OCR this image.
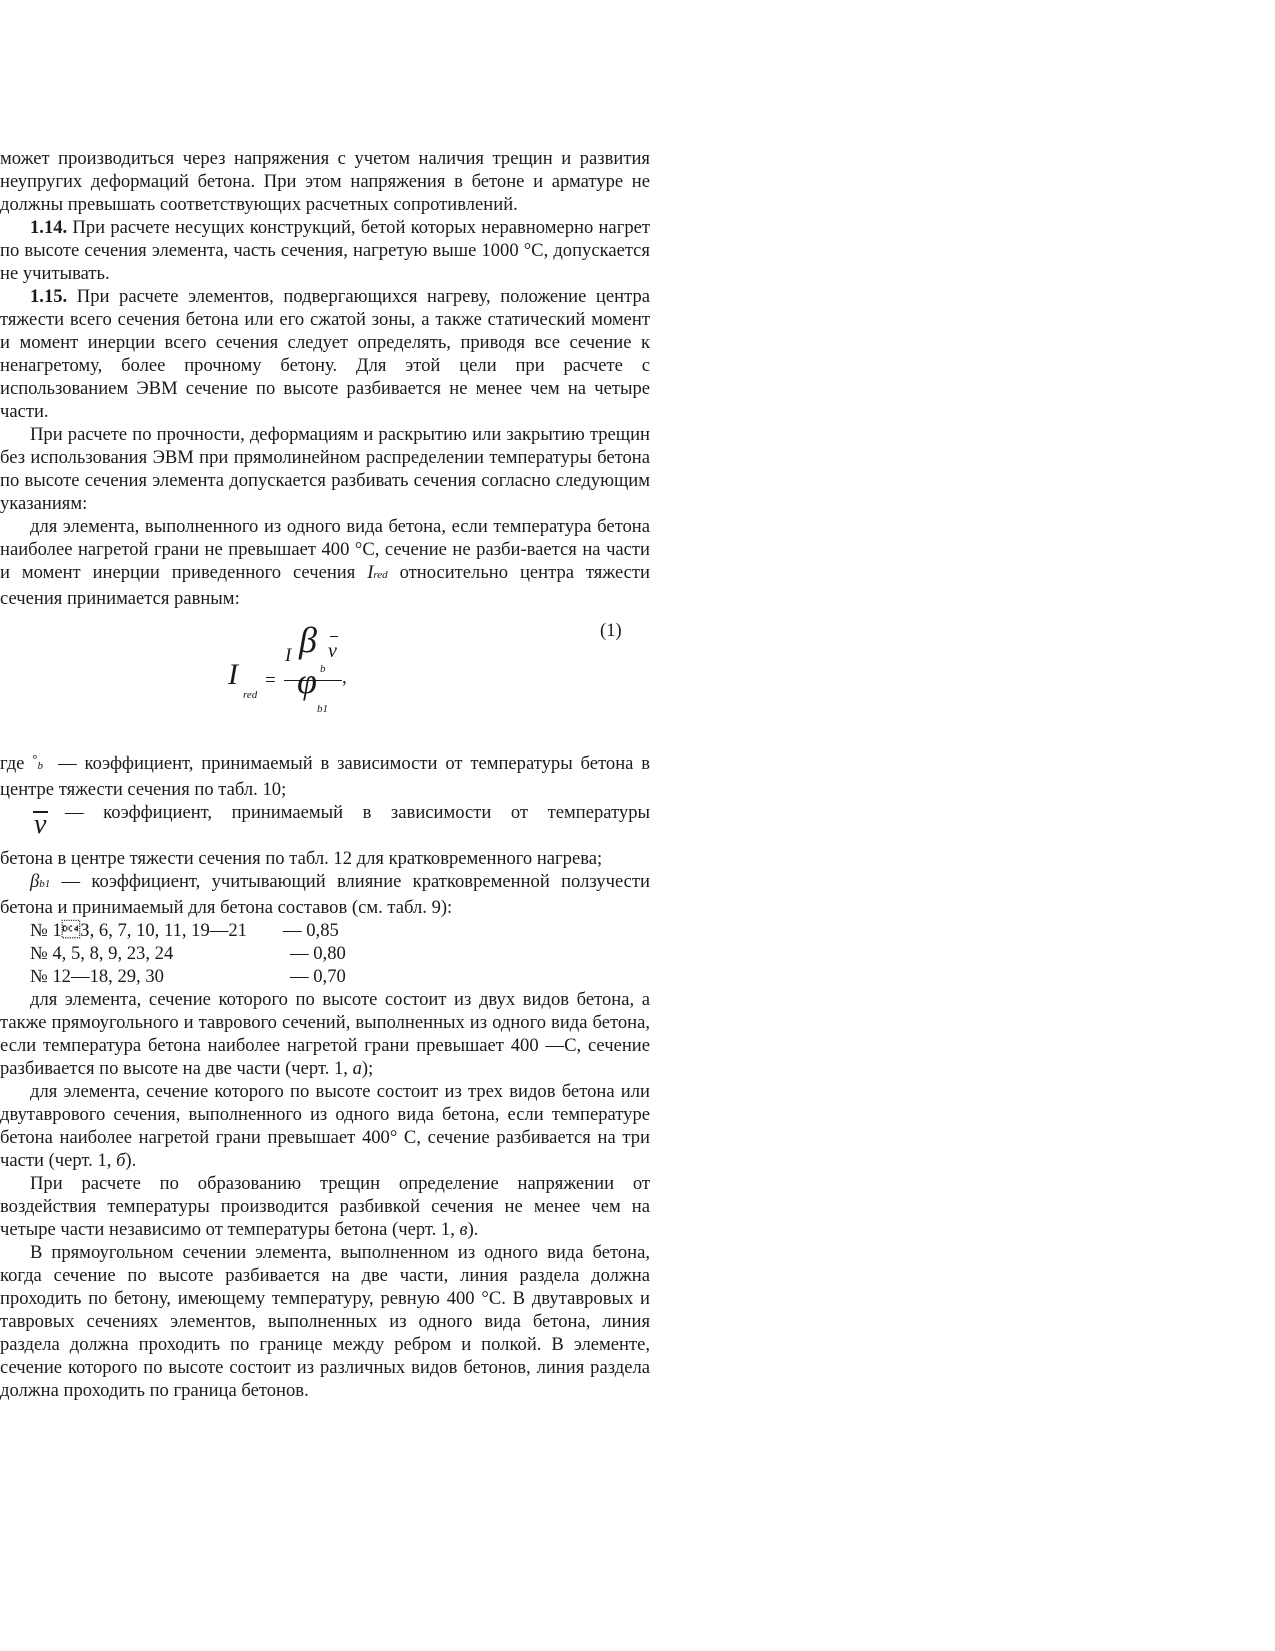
может производиться через напряжения с учетом наличия трещин и развития неупругих деформаций бетона. При этом напряжения в бетоне и арматуре не должны превышать соответствующих расчетных сопротивлений.

1.14. При расчете несущих конструкций, бетой которых неравномерно нагрет по высоте сечения элемента, часть сечения, нагретую выше 1000 °С, допускается не учитывать.

1.15. При расчете элементов, подвергающихся нагреву, положение центра тяжести всего сечения бетона или его сжатой зоны, а также статический момент и момент инерции всего сечения следует определять, приводя все сечение к ненагретому, более прочному бетону. Для этой цели при расчете с использованием ЭВМ сечение по высоте разбивается не менее чем на четыре части.

При расчете по прочности, деформациям и раскрытию или закрытию трещин без использования ЭВМ при прямолинейном распределении температуры бетона по высоте сечения элемента допускается разбивать сечения согласно следующим указаниям:

для элемента, выполненного из одного вида бетона, если температура бетона наиболее нагретой грани не превышает 400 °С, сечение не разби-вается на части и момент инерции приведенного сечения Ired относительно центра тяжести сечения принимается равным:

(1)
I
red
=
I β
b
v
,
φ
b1

где °b — коэффициент, принимаемый в зависимости от температуры бетона в центре тяжести сечения по табл. 10;

ν — коэффициент, принимаемый в зависимости от температуры

бетона в центре тяжести сечения по табл. 12 для кратковременного нагрева;

βb1 — коэффициент, учитывающий влияние кратковременной ползучести бетона и принимаемый для бетона составов (см. табл. 9):

№ 1З, 6, 7, 10, 11, 19—21 — 0,85
№ 4, 5, 8, 9, 23, 24	— 0,80
№ 12—18, 29, 30	— 0,70

для элемента, сечение которого по высоте состоит из двух видов бетона, а также прямоугольного и таврового сечений, выполненных из одного вида бетона, если температура бетона наиболее нагретой грани превышает 400 —С, сечение разбивается по высоте на две части (черт. 1, а);

для элемента, сечение которого по высоте состоит из трех видов бетона или двутаврового сечения, выполненного из одного вида бетона, если температуре бетона наиболее нагретой грани превышает 400° С, сечение разбивается на три части (черт. 1, б).

При расчете по образованию трещин определение напряжении от воздействия температуры производится разбивкой сечения не менее чем на четыре части независимо от температуры бетона (черт. 1, в).

В прямоугольном сечении элемента, выполненном из одного вида бетона, когда сечение по высоте разбивается на две части, линия раздела должна проходить по бетону, имеющему температуру, ревную 400 °С. В двутавровых и тавровых сечениях элементов, выполненных из одного вида бетона, линия раздела должна проходить по границе между ребром и полкой. В элементе, сечение которого по высоте состоит из различных видов бетонов, линия раздела должна проходить по граница бетонов.
